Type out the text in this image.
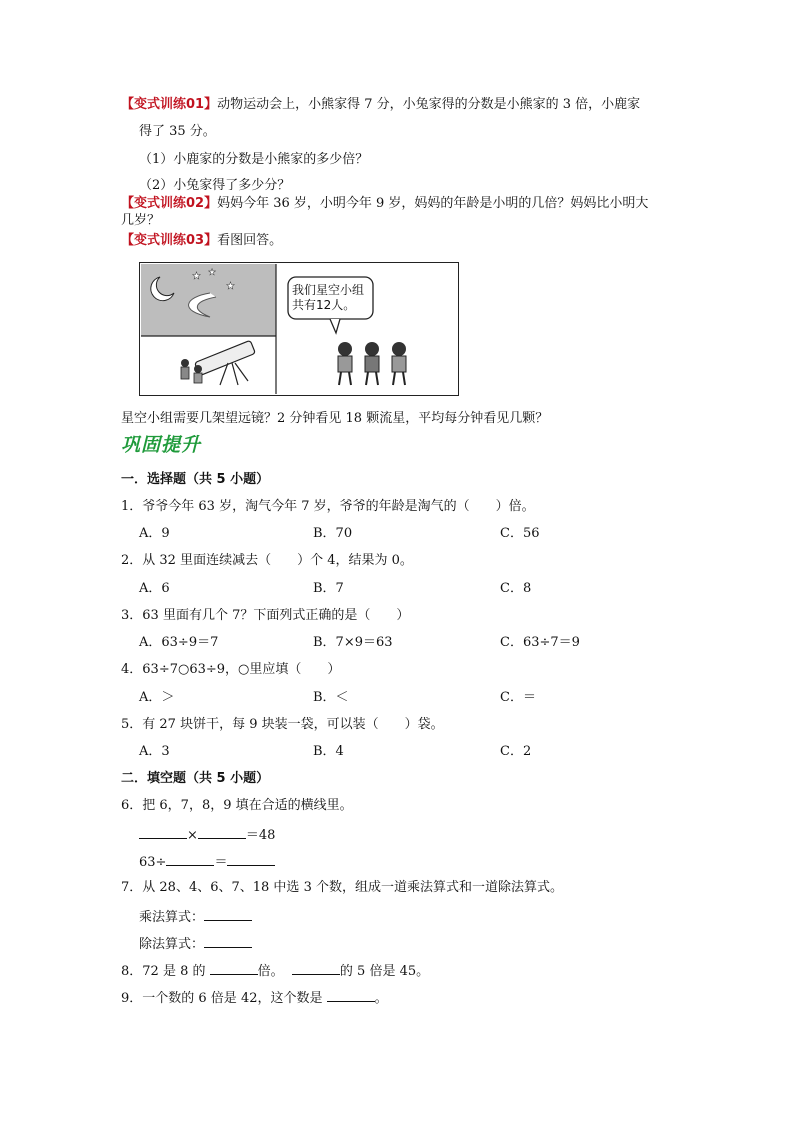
【变式训练01】动物运动会上，小熊家得 7 分，小兔家得的分数是小熊家的 3 倍，小鹿家
得了 35 分。
（1）小鹿家的分数是小熊家的多少倍？
（2）小兔家得了多少分？
【变式训练02】妈妈今年 36 岁，小明今年 9 岁，妈妈的年龄是小明的几倍？妈妈比小明大
几岁？
【变式训练03】看图回答。
★ ★
★	我们星空小组共有12人。
星空小组需要几架望远镜？2 分钟看见 18 颗流星，平均每分钟看见几颗？
巩固提升
一．选择题（共 5 小题）
1．爷爷今年 63 岁，淘气今年 7 岁，爷爷的年龄是淘气的（　　）倍。
A．9	B．70	C．56
2．从 32 里面连续减去（　　）个 4，结果为 0。
A．6	B．7	C．8
3．63 里面有几个 7？下面列式正确的是（　　）
A．63÷9＝7	B．7×9＝63	C．63÷7＝9
4．63÷7○63÷9，○里应填（　　）
A．＞	B．＜	C．＝
5．有 27 块饼干，每 9 块装一袋，可以装（　　）袋。
A．3	B．4	C．2
二．填空题（共 5 小题）
6．把 6，7，8，9 填在合适的横线里。
×	＝48
63÷	＝
7．从 28、4、6、7、18 中选 3 个数，组成一道乘法算式和一道除法算式。
乘法算式：
除法算式：
8．72 是 8 的	倍。	的 5 倍是 45。
9．一个数的 6 倍是 42，这个数是	。
